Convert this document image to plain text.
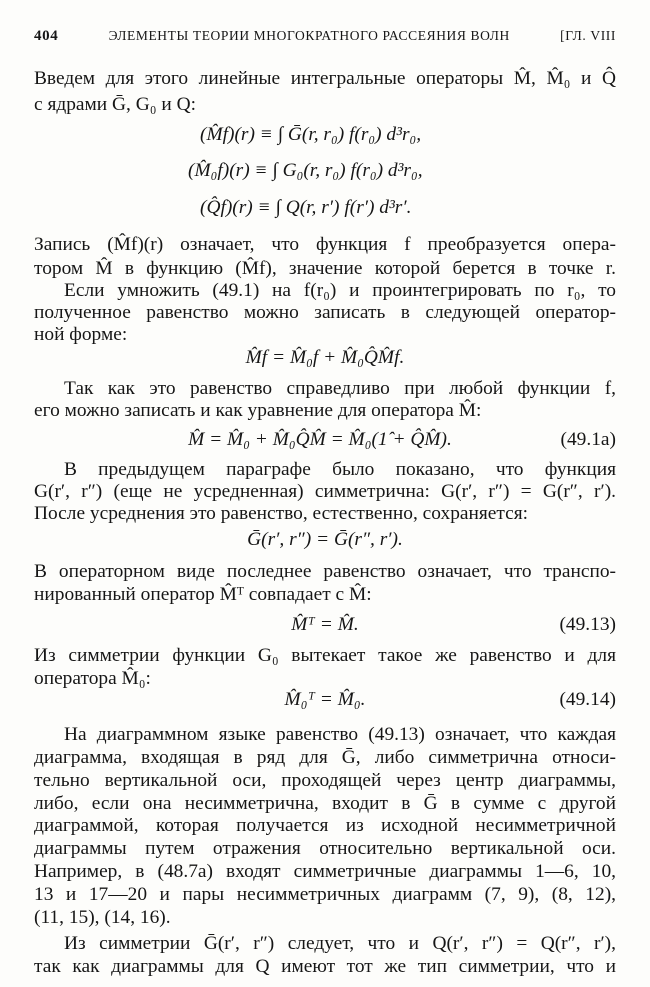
404	ЭЛЕМЕНТЫ ТЕОРИИ МНОГОКРАТНОГО РАССЕЯНИЯ ВОЛН	[ГЛ. VIII

Введем для этого линейные интегральные операторы M̂, M̂₀ и Q̂

с ядрами Ḡ, G₀ и Q:

(M̂f)(r) ≡ ∫ Ḡ(r, r₀) f(r₀) d³r₀,

(M̂₀f)(r) ≡ ∫ G₀(r, r₀) f(r₀) d³r₀,

(Q̂f)(r) ≡ ∫ Q(r, r′) f(r′) d³r′.

Запись (M̂f)(r) означает, что функция f преобразуется опера-

тором M̂ в функцию (M̂f), значение которой берется в точке r.

Если умножить (49.1) на f(r₀) и проинтегрировать по r₀, то

полученное равенство можно записать в следующей оператор-

ной форме:

M̂f = M̂₀f + M̂₀Q̂M̂f.

Так как это равенство справедливо при любой функции f,

его можно записать и как уравнение для оператора M̂:

M̂ = M̂₀ + M̂₀Q̂M̂ = M̂₀(1̂ + Q̂M̂).	(49.1а)

В предыдущем параграфе было показано, что функция

G(r′, r″) (еще не усредненная) симметрична: G(r′, r″) = G(r″, r′).

После усреднения это равенство, естественно, сохраняется:

Ḡ(r′, r″) = Ḡ(r″, r′).

В операторном виде последнее равенство означает, что транспо-

нированный оператор M̂ᵀ совпадает с M̂:

M̂ᵀ = M̂.	(49.13)

Из симметрии функции G₀ вытекает такое же равенство и для

оператора M̂₀:

M̂₀ᵀ = M̂₀.	(49.14)

На диаграммном языке равенство (49.13) означает, что каждая

диаграмма, входящая в ряд для Ḡ, либо симметрична относи-

тельно вертикальной оси, проходящей через центр диаграммы,

либо, если она несимметрична, входит в Ḡ в сумме с другой

диаграммой, которая получается из исходной несимметричной

диаграммы путем отражения относительно вертикальной оси.

Например, в (48.7а) входят симметричные диаграммы 1—6, 10,

13 и 17—20 и пары несимметричных диаграмм (7, 9), (8, 12),

(11, 15), (14, 16).

Из симметрии Ḡ(r′, r″) следует, что и Q(r′, r″) = Q(r″, r′),

так как диаграммы для Q имеют тот же тип симметрии, что и
